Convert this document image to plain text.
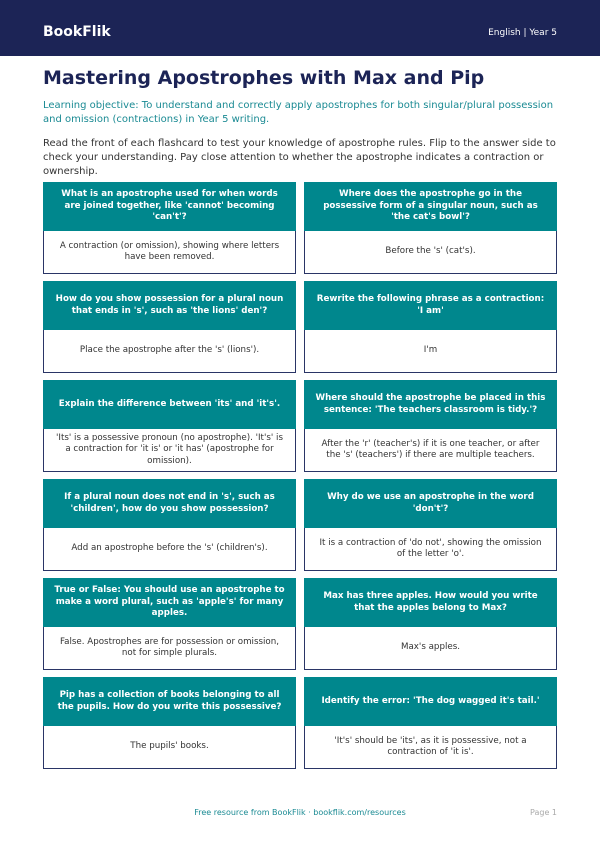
BookFlik	English | Year 5
Mastering Apostrophes with Max and Pip

Learning objective: To understand and correctly apply apostrophes for both singular/plural possession and omission (contractions) in Year 5 writing.

Read the front of each flashcard to test your knowledge of apostrophe rules. Flip to the answer side to check your understanding. Pay close attention to whether the apostrophe indicates a contraction or ownership.

What is an apostrophe used for when words are joined together, like 'cannot' becoming 'can't'?
A contraction (or omission), showing where letters have been removed.
Where does the apostrophe go in the possessive form of a singular noun, such as 'the cat's bowl'?
Before the 's' (cat's).
How do you show possession for a plural noun that ends in 's', such as 'the lions' den'?
Place the apostrophe after the 's' (lions').
Rewrite the following phrase as a contraction: 'I am'
I'm
Explain the difference between 'its' and 'it's'.
'Its' is a possessive pronoun (no apostrophe). 'It's' is a contraction for 'it is' or 'it has' (apostrophe for omission).
Where should the apostrophe be placed in this sentence: 'The teachers classroom is tidy.'?
After the 'r' (teacher's) if it is one teacher, or after the 's' (teachers') if there are multiple teachers.
If a plural noun does not end in 's', such as 'children', how do you show possession?
Add an apostrophe before the 's' (children's).
Why do we use an apostrophe in the word 'don't'?
It is a contraction of 'do not', showing the omission of the letter 'o'.
True or False: You should use an apostrophe to make a word plural, such as 'apple's' for many apples.
False. Apostrophes are for possession or omission, not for simple plurals.
Max has three apples. How would you write that the apples belong to Max?
Max's apples.
Pip has a collection of books belonging to all the pupils. How do you write this possessive?
The pupils' books.
Identify the error: 'The dog wagged it's tail.'
'It's' should be 'its', as it is possessive, not a contraction of 'it is'.
Free resource from BookFlik · bookflik.com/resources	Page 1
